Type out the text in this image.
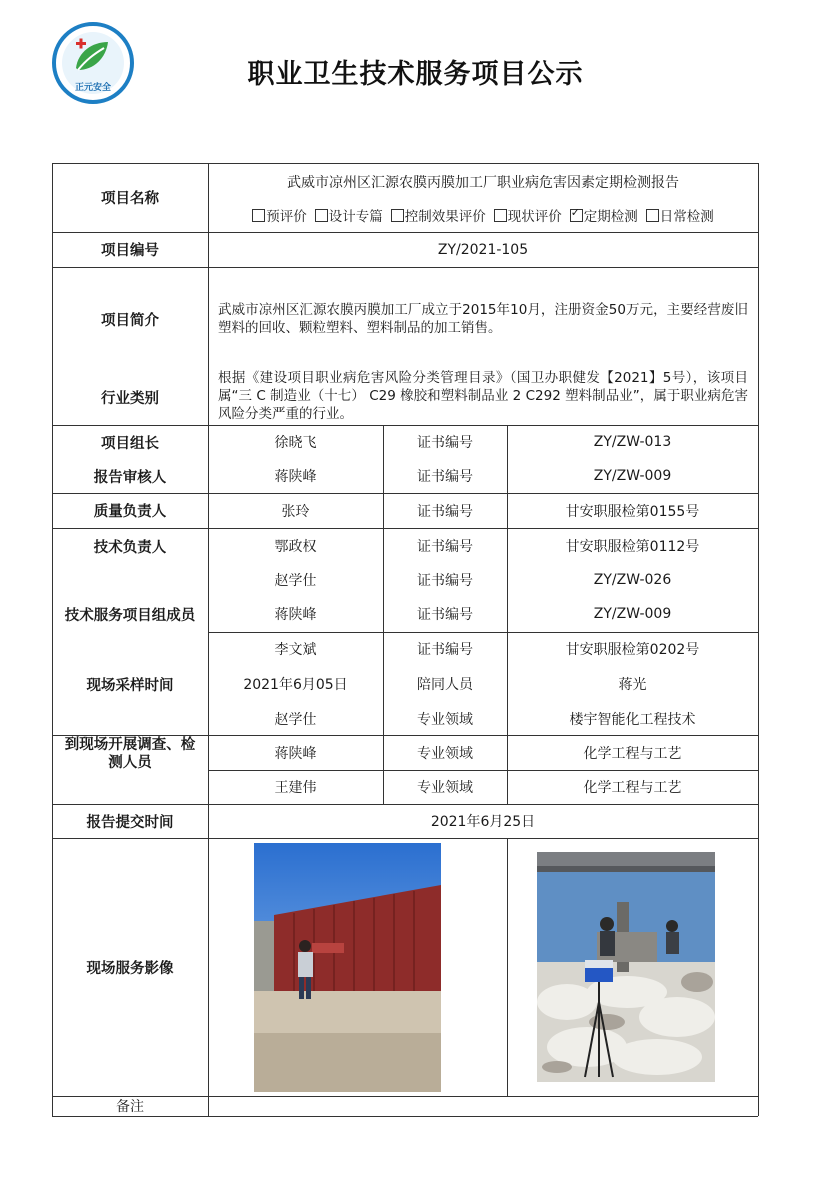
正元安全	职业卫生技术服务项目公示
项目名称
武威市凉州区汇源农膜丙膜加工厂职业病危害因素定期检测报告
预评价	设计专篇	控制效果评价	现状评价
✓	定期检测	日常检测
项目编号	ZY/2021-105
项目简介
武威市凉州区汇源农膜丙膜加工厂成立于2015年10月，注册资金50万元，主要经营废旧塑料的回收、颗粒塑料、塑料制品的加工销售。
行业类别
根据《建设项目职业病危害风险分类管理目录》（国卫办职健发【2021】5号），该项目属“三 C 制造业（十七） C29 橡胶和塑料制品业 2 C292 塑料制品业”，属于职业病危害风险分类严重的行业。
项目组长
报告审核人
质量负责人
技术负责人
技术服务项目组成员
徐晓飞	证书编号	ZY/ZW-013
蒋陕峰	证书编号	ZY/ZW-009
张玲	证书编号	甘安职服检第0155号
鄂政权	证书编号	甘安职服检第0112号
赵学仕	证书编号	ZY/ZW-026
蒋陕峰	证书编号	ZY/ZW-009
李文斌	证书编号	甘安职服检第0202号
现场采样时间	2021年6月05日	陪同人员	蒋光
到现场开展调查、检测人员
赵学仕	专业领域	楼宇智能化工程技术
蒋陕峰	专业领域	化学工程与工艺
王建伟	专业领域	化学工程与工艺
报告提交时间	2021年6月25日
现场服务影像
备注
